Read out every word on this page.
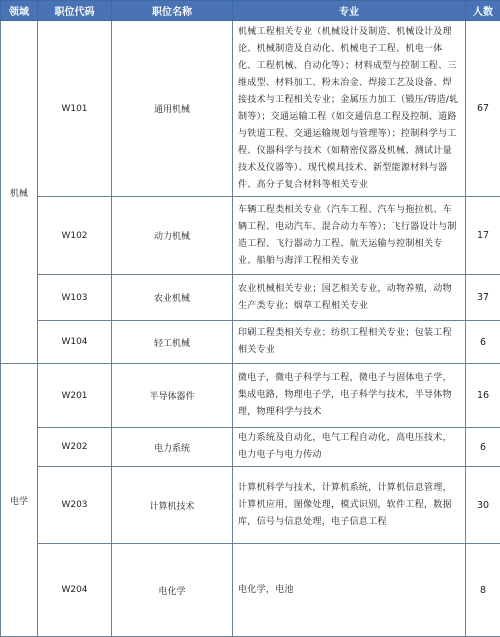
领域	职位代码	职位名称	专业	人数
机械	W101	通用机械	机械工程相关专业（机械设计及制造、机械设计及理论、机械制造及自动化、机械电子工程、机电一体化、工程机械、自动化等）；材料成型与控制工程、三维成型、材料加工、粉末冶金、焊接工艺及设备、焊接技术与工程相关专业；金属压力加工（锻压/铸造/轧制等）；交通运输工程（如交通信息工程及控制、道路与铁道工程、交通运输规划与管理等）；控制科学与工程、仪器科学与技术（如精密仪器及机械、测试计量技术及仪器等）、现代模具技术、新型能源材料与器件、高分子复合材料等相关专业	67
	W102	动力机械	车辆工程类相关专业（汽车工程、汽车与拖拉机、车辆工程、电动汽车、混合动力车等）；飞行器设计与制造工程、飞行器动力工程、航天运输与控制相关专业、船舶与海洋工程相关专业	17
	W103	农业机械	农业机械相关专业；园艺相关专业，动物养殖，动物生产类专业；烟草工程相关专业	37
	W104	轻工机械	印刷工程类相关专业；纺织工程相关专业；包装工程相关专业	6
电学	W201	半导体器件	微电子，微电子科学与工程，微电子与固体电子学，集成电路，物理电子学，电子科学与技术，半导体物理，物理科学与技术	16
	W202	电力系统	电力系统及自动化，电气工程自动化，高电压技术，电力电子与电力传动	6
	W203	计算机技术	计算机科学与技术，计算机系统，计算机信息管理，计算机应用，图像处理，模式识别，软件工程，数据库，信号与信息处理，电子信息工程	30
	W204	电化学	电化学，电池	8
